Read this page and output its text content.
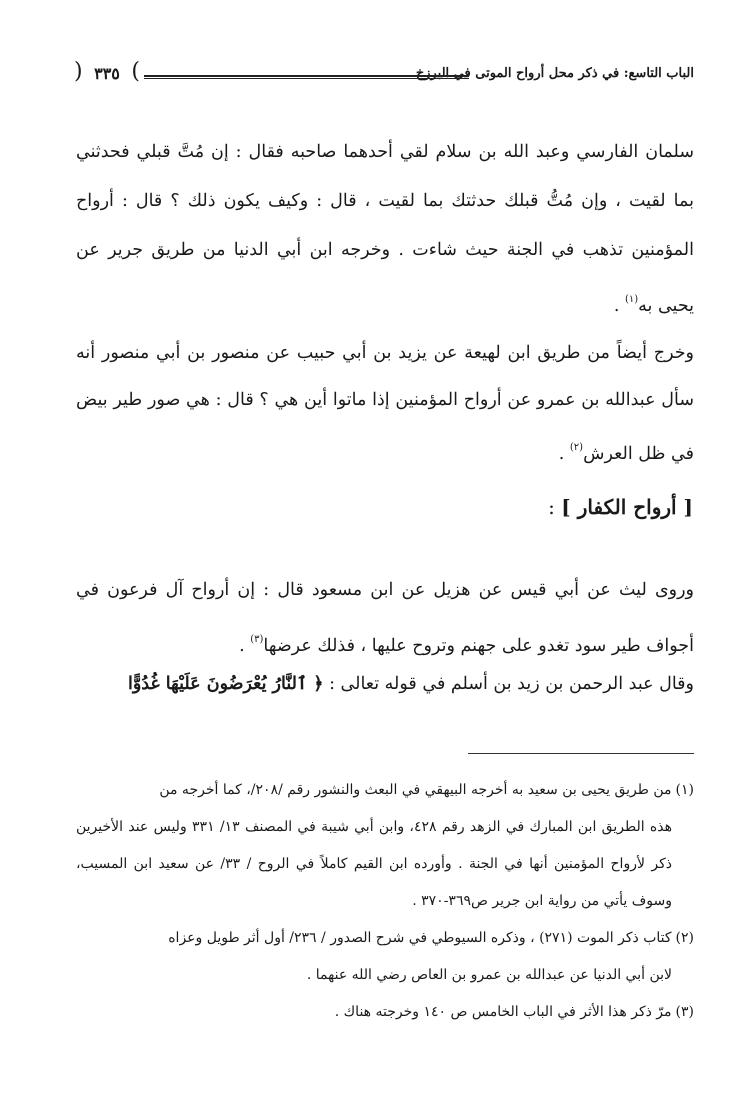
الباب التاسع: في ذكر محل أرواح الموتى في البرزخ
( ٣٣٥ )
سلمان الفارسي وعبد الله بن سلام لقي أحدهما صاحبه فقال : إن مُتَّ قبلي فحدثني بما لقيت ، وإن مُتُّ قبلك حدثتك بما لقيت ، قال : وكيف يكون ذلك ؟ قال : أرواح المؤمنين تذهب في الجنة حيث شاءت . وخرجه ابن أبي الدنيا من طريق جرير عن يحيى به$^{(١)}$ .
وخرج أيضاً من طريق ابن لهيعة عن يزيد بن أبي حبيب عن منصور بن أبي منصور أنه سأل عبدالله بن عمرو عن أرواح المؤمنين إذا ماتوا أين هي ؟ قال : هي صور طير بيض في ظل العرش$^{(٢)}$ .
[ أرواح الكفار ] :
وروى ليث عن أبي قيس عن هزيل عن ابن مسعود قال : إن أرواح آل فرعون في أجواف طير سود تغدو على جهنم وتروح عليها ، فذلك عرضها$^{(٣)}$ .
وقال عبد الرحمن بن زيد بن أسلم في قوله تعالى : ﴿ ٱلنَّارُ يُعْرَضُونَ عَلَيْهَا غُدُوًّا
(١)من طريق يحيى بن سعيد به أخرجه البيهقي في البعث والنشور رقم /٢٠٨/، كما أخرجه من
هذه الطريق ابن المبارك في الزهد رقم ٤٢٨، وابن أبي شيبة في المصنف ١٣/ ٣٣١ وليس عند الأخيرين ذكر لأرواح المؤمنين أنها في الجنة . وأورده ابن القيم كاملاً في الروح / ٣٣/ عن سعيد ابن المسيب، وسوف يأتي من رواية ابن جرير ص٣٦٩-٣٧٠ .
(٢)كتاب ذكر الموت (٢٧١) ، وذكره السيوطي في شرح الصدور / ٢٣٦/ أول أثر طويل وعزاه
لابن أبي الدنيا عن عبدالله بن عمرو بن العاص رضي الله عنهما .
(٣)مرّ ذكر هذا الأثر في الباب الخامس ص ١٤٠ وخرجته هناك .
